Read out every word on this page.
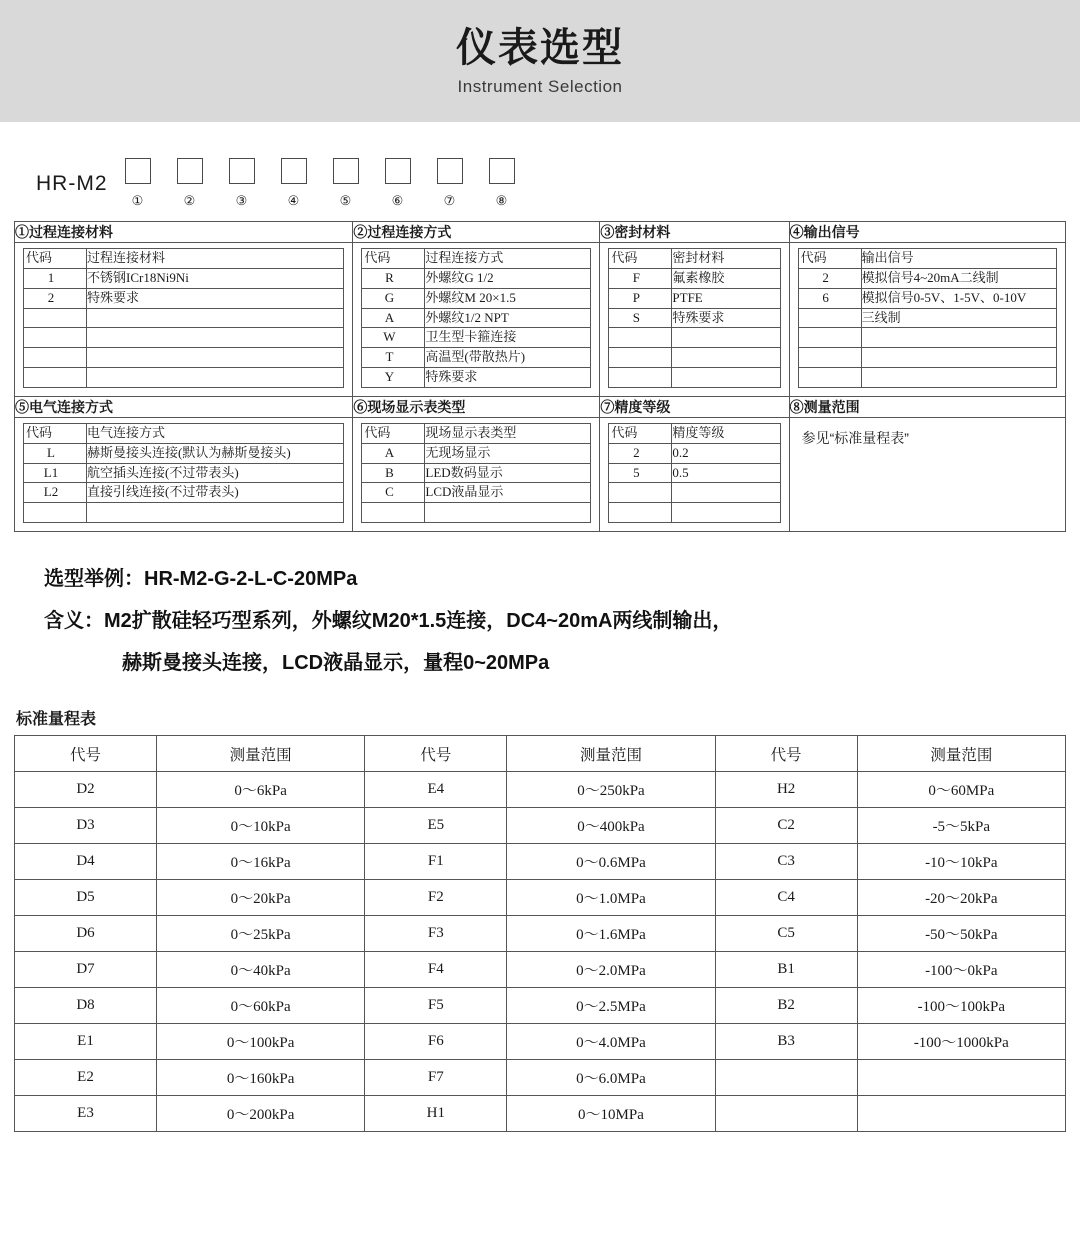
仪表选型
Instrument Selection
HR-M2
①	②	③	④	⑤	⑥	⑦	⑧
①过程连接材料	②过程连接方式	③密封材料	④输出信号

代码	过程连接材料
1	不锈钢ICr18Ni9Ni
2	特殊要求

代码	过程连接方式
R	外螺纹G 1/2
G	外螺纹M 20×1.5
A	外螺纹1/2 NPT
W	卫生型卡箍连接
T	高温型(带散热片)
Y	特殊要求

代码	密封材料
F	氟素橡胶
P	PTFE
S	特殊要求

代码	输出信号
2	模拟信号4~20mA二线制
6	模拟信号0-5V、1-5V、0-10V
	三线制

⑤电气连接方式	⑥现场显示表类型	⑦精度等级	⑧测量范围

代码	电气连接方式
L	赫斯曼接头连接(默认为赫斯曼接头)
L1	航空插头连接(不过带表头)
L2	直接引线连接(不过带表头)

代码	现场显示表类型
A	无现场显示
B	LED数码显示
C	LCD液晶显示

代码	精度等级
2	0.2
5	0.5

参见“标准量程表”
选型举例：HR-M2-G-2-L-C-20MPa
含义：M2扩散硅轻巧型系列，外螺纹M20*1.5连接，DC4~20mA两线制输出，
赫斯曼接头连接，LCD液晶显示，量程0~20MPa
标准量程表
代号	测量范围	代号	测量范围	代号	测量范围
D2	0～6kPa	E4	0～250kPa	H2	0～60MPa
D3	0～10kPa	E5	0～400kPa	C2	-5～5kPa
D4	0～16kPa	F1	0～0.6MPa	C3	-10～10kPa
D5	0～20kPa	F2	0～1.0MPa	C4	-20～20kPa
D6	0～25kPa	F3	0～1.6MPa	C5	-50～50kPa
D7	0～40kPa	F4	0～2.0MPa	B1	-100～0kPa
D8	0～60kPa	F5	0～2.5MPa	B2	-100～100kPa
E1	0～100kPa	F6	0～4.0MPa	B3	-100～1000kPa
E2	0～160kPa	F7	0～6.0MPa		
E3	0～200kPa	H1	0～10MPa		
